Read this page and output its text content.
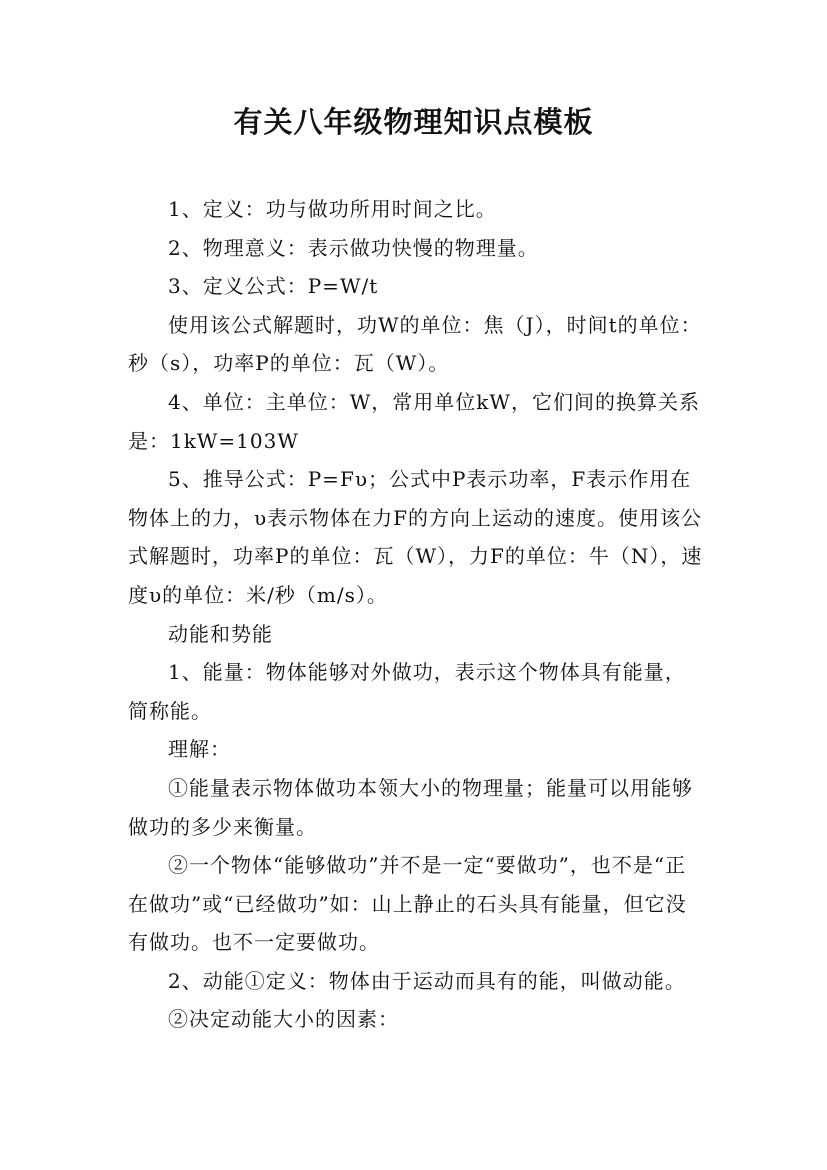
有关八年级物理知识点模板

1、定义：功与做功所用时间之比。

2、物理意义：表示做功快慢的物理量。

3、定义公式：P=W/t

使用该公式解题时，功W的单位：焦（J），时间t的单位：秒（s），功率P的单位：瓦（W）。

4、单位：主单位：W，常用单位kW，它们间的换算关系是：1kW=103W

5、推导公式：P=Fυ；公式中P表示功率，F表示作用在物体上的力，υ表示物体在力F的方向上运动的速度。使用该公式解题时，功率P的单位：瓦（W），力F的单位：牛（N），速度υ的单位：米/秒（m/s）。

动能和势能

1、能量：物体能够对外做功，表示这个物体具有能量，简称能。

理解：

①能量表示物体做功本领大小的物理量；能量可以用能够做功的多少来衡量。

②一个物体“能够做功”并不是一定“要做功”，也不是“正在做功”或“已经做功”如：山上静止的石头具有能量，但它没有做功。也不一定要做功。

2、动能①定义：物体由于运动而具有的能，叫做动能。

②决定动能大小的因素：
